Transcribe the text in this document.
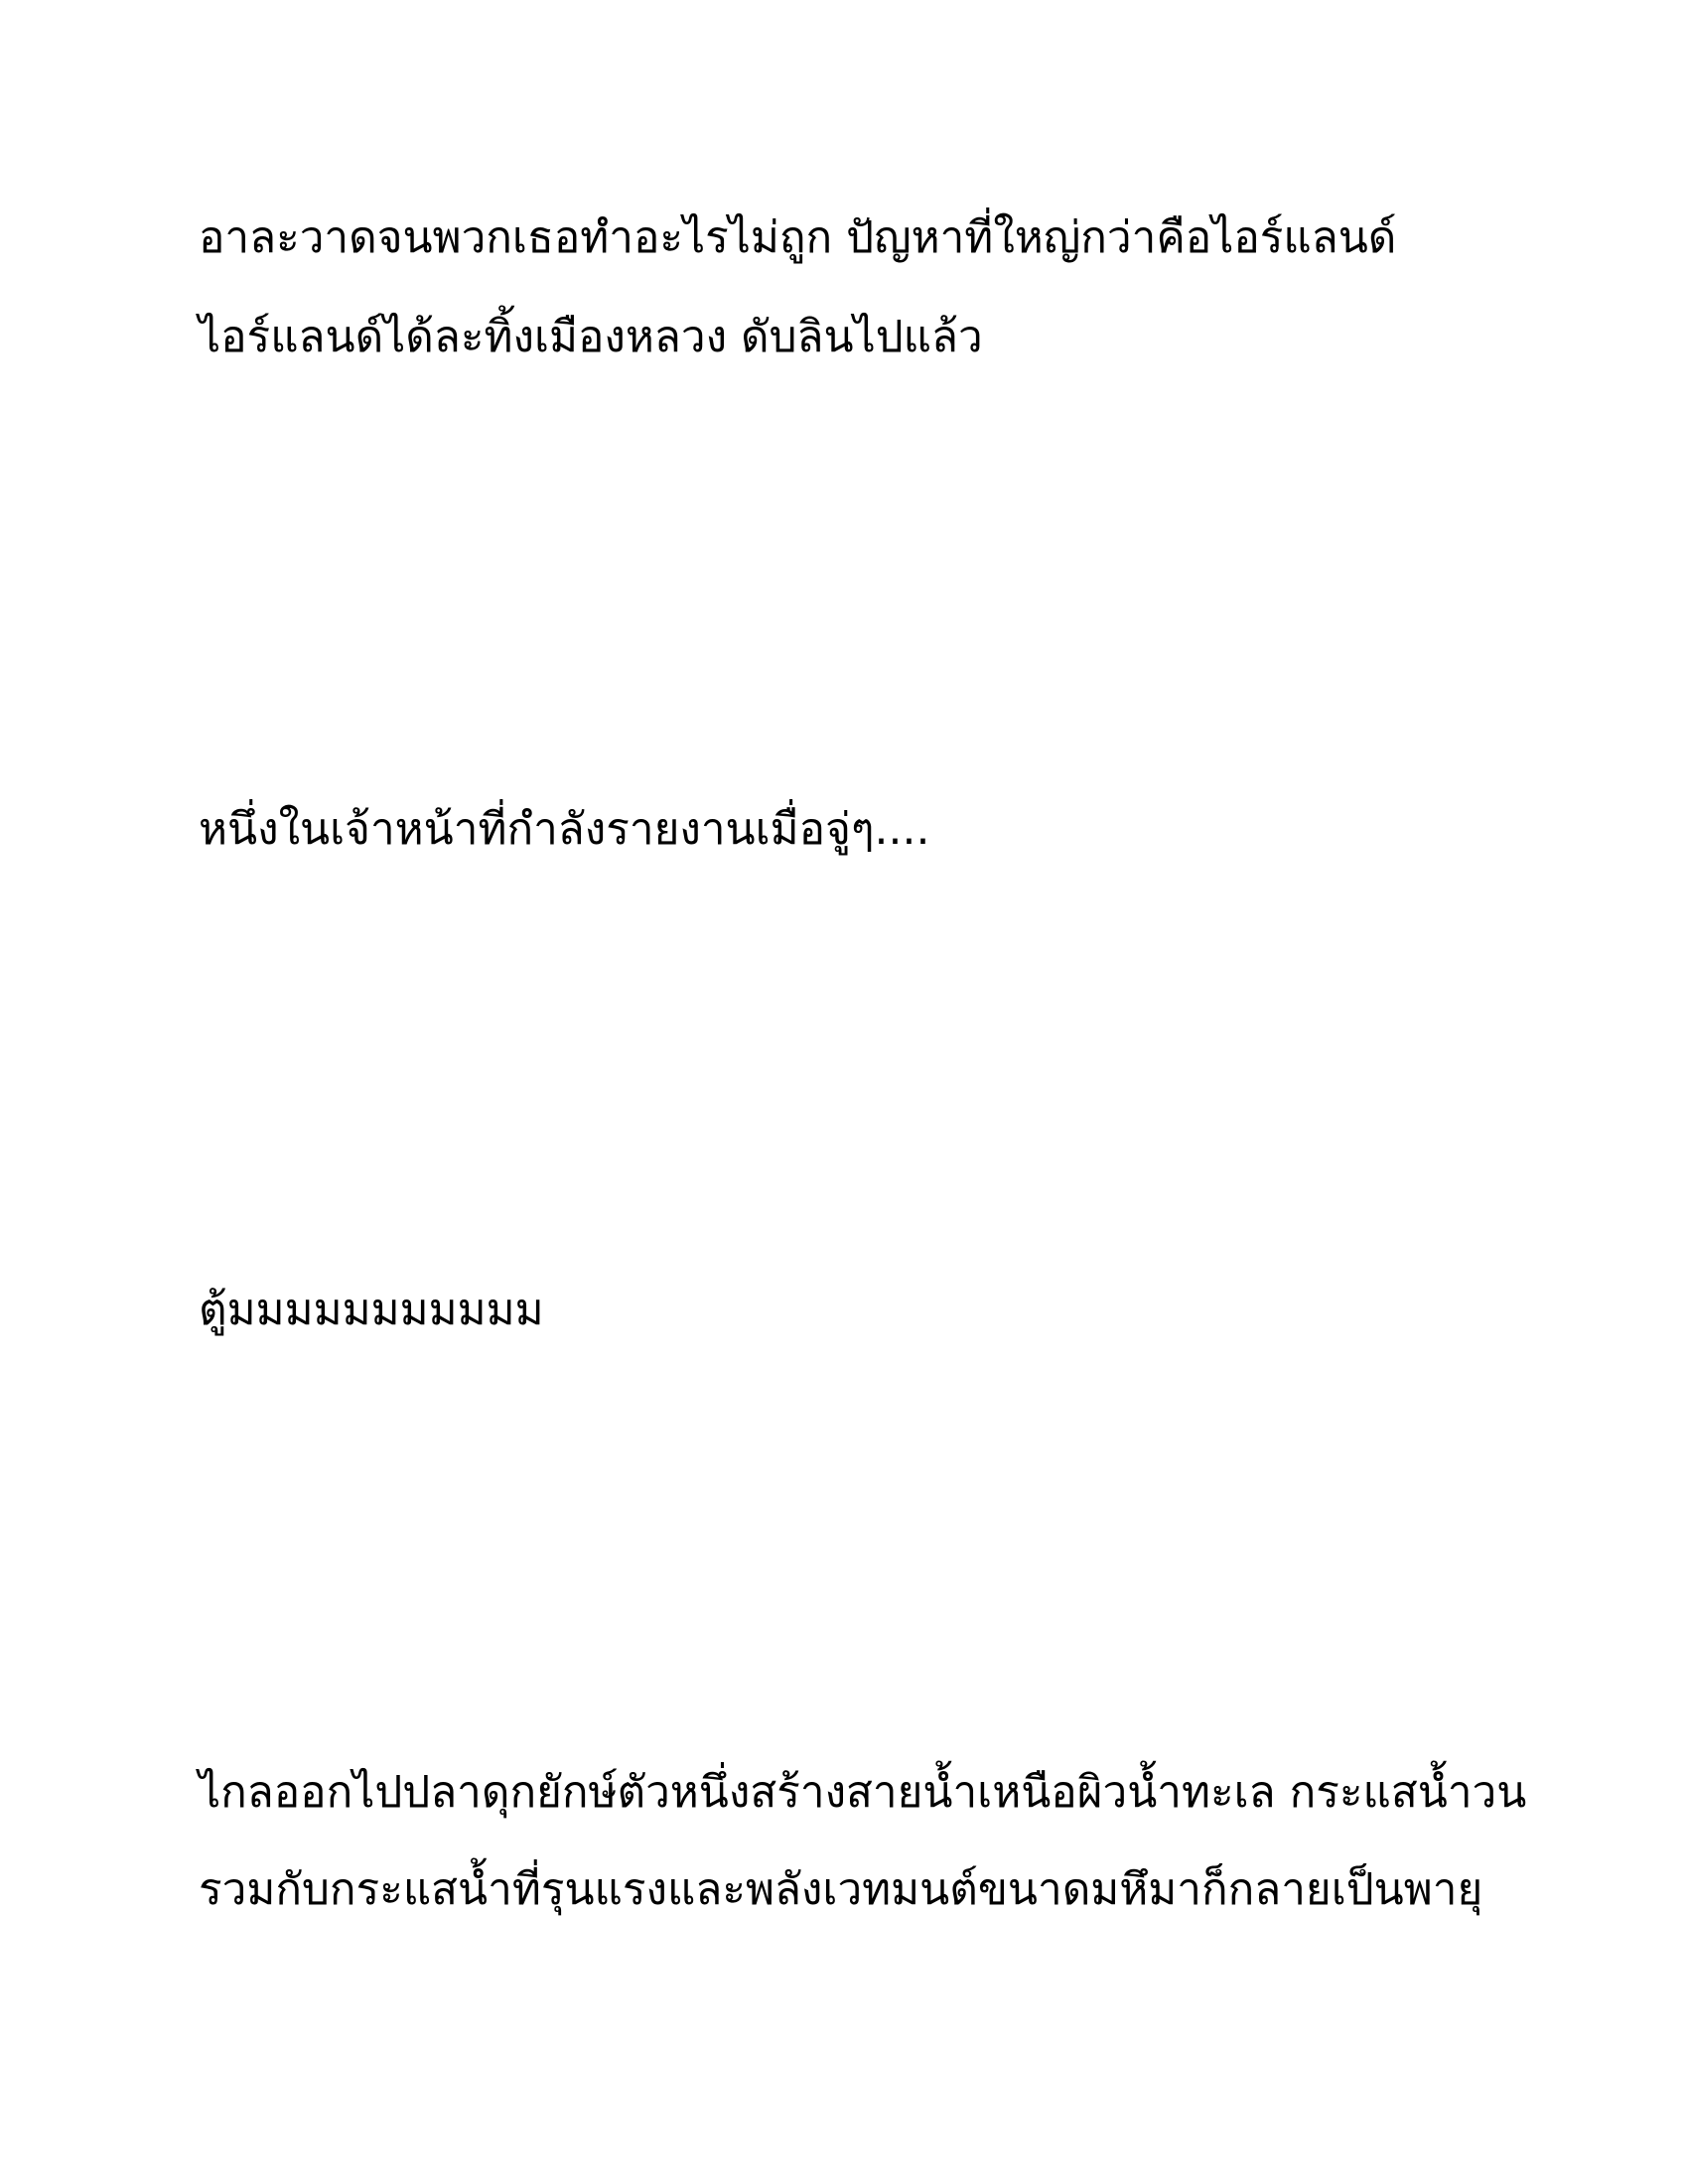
อาละวาดจนพวกเธอทำอะไรไม่ถูก ปัญหาที่ใหญ่กว่าคือไอร์แลนด์
ไอร์แลนด์ได้ละทิ้งเมืองหลวง ดับลินไปแล้ว
หนึ่งในเจ้าหน้าที่กำลังรายงานเมื่อจู่ๆ....
ตู้มมมมมมมมมมม
ไกลออกไปปลาดุกยักษ์ตัวหนึ่งสร้างสายน้ำเหนือผิวน้ำทะเล กระแสน้ำวน
รวมกับกระแสน้ำที่รุนแรงและพลังเวทมนต์ขนาดมหึมาก็กลายเป็นพายุ
